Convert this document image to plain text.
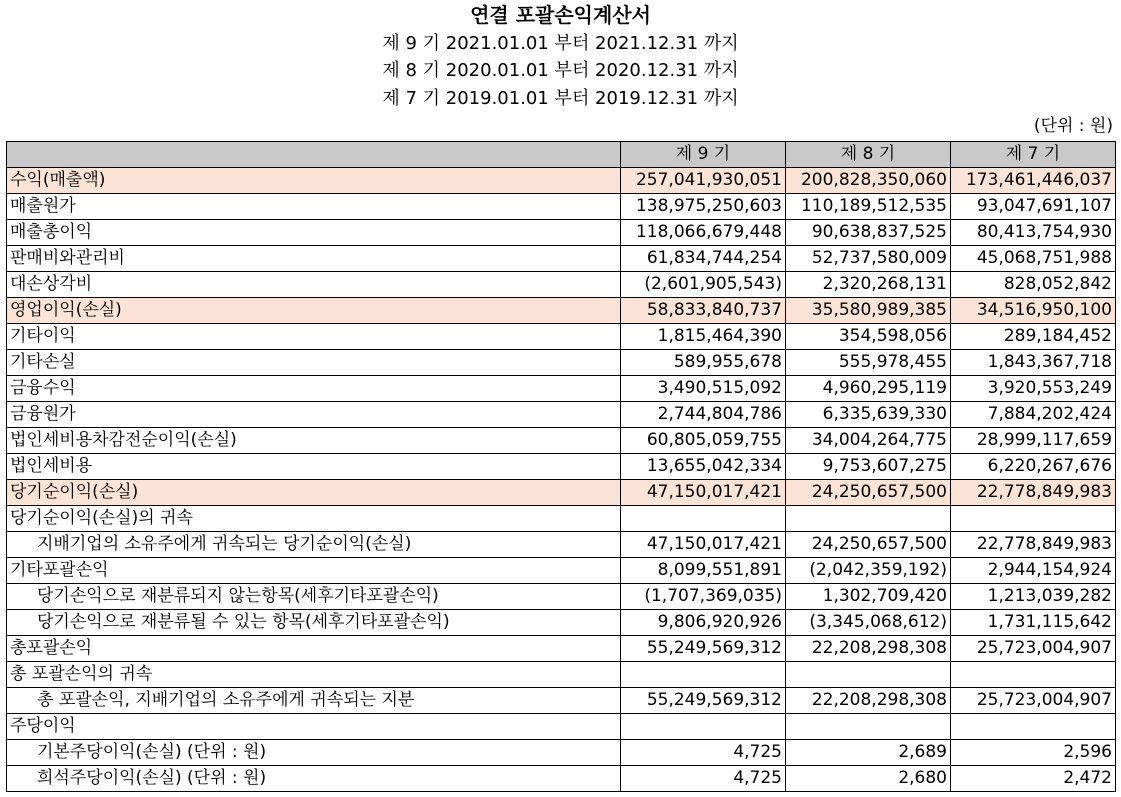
연결 포괄손익계산서
제 9 기 2021.01.01 부터 2021.12.31 까지
제 8 기 2020.01.01 부터 2020.12.31 까지
제 7 기 2019.01.01 부터 2019.12.31 까지
(단위 : 원)
	제 9 기	제 8 기	제 7 기
수익(매출액)	257,041,930,051	200,828,350,060	173,461,446,037
매출원가	138,975,250,603	110,189,512,535	93,047,691,107
매출총이익	118,066,679,448	90,638,837,525	80,413,754,930
판매비와관리비	61,834,744,254	52,737,580,009	45,068,751,988
대손상각비	(2,601,905,543)	2,320,268,131	828,052,842
영업이익(손실)	58,833,840,737	35,580,989,385	34,516,950,100
기타이익	1,815,464,390	354,598,056	289,184,452
기타손실	589,955,678	555,978,455	1,843,367,718
금융수익	3,490,515,092	4,960,295,119	3,920,553,249
금융원가	2,744,804,786	6,335,639,330	7,884,202,424
법인세비용차감전순이익(손실)	60,805,059,755	34,004,264,775	28,999,117,659
법인세비용	13,655,042,334	9,753,607,275	6,220,267,676
당기순이익(손실)	47,150,017,421	24,250,657,500	22,778,849,983
당기순이익(손실)의 귀속			
지배기업의 소유주에게 귀속되는 당기순이익(손실)	47,150,017,421	24,250,657,500	22,778,849,983
기타포괄손익	8,099,551,891	(2,042,359,192)	2,944,154,924
당기손익으로 재분류되지 않는항목(세후기타포괄손익)	(1,707,369,035)	1,302,709,420	1,213,039,282
당기손익으로 재분류될 수 있는 항목(세후기타포괄손익)	9,806,920,926	(3,345,068,612)	1,731,115,642
총포괄손익	55,249,569,312	22,208,298,308	25,723,004,907
총 포괄손익의 귀속			
총 포괄손익, 지배기업의 소유주에게 귀속되는 지분	55,249,569,312	22,208,298,308	25,723,004,907
주당이익			
기본주당이익(손실) (단위 : 원)	4,725	2,689	2,596
희석주당이익(손실) (단위 : 원)	4,725	2,680	2,472
